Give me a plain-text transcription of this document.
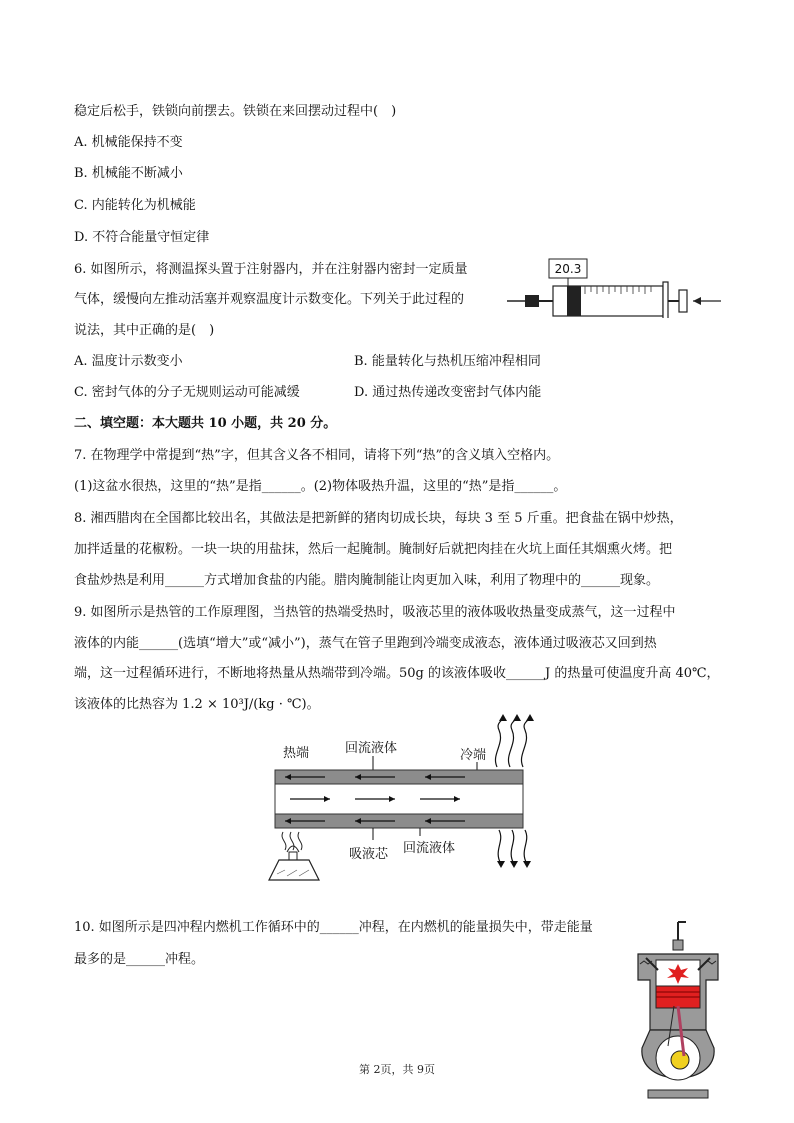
稳定后松手，铁锁向前摆去。铁锁在来回摆动过程中(　)
A. 机械能保持不变
B. 机械能不断减小
C. 内能转化为机械能
D. 不符合能量守恒定律
6. 如图所示，将测温探头置于注射器内，并在注射器内密封一定质量
气体，缓慢向左推动活塞并观察温度计示数变化。下列关于此过程的
说法，其中正确的是(　)
20.3
A. 温度计示数变小	B. 能量转化与热机压缩冲程相同
C. 密封气体的分子无规则运动可能减缓	D. 通过热传递改变密封气体内能
二、填空题：本大题共 10 小题，共 20 分。
7. 在物理学中常提到“热”字，但其含义各不相同，请将下列“热”的含义填入空格内。
(1)这盆水很热，这里的“热”是指______。(2)物体吸热升温，这里的“热”是指______。
8. 湘西腊肉在全国都比较出名，其做法是把新鲜的猪肉切成长块，每块 3 至 5 斤重。把食盐在锅中炒热，
加拌适量的花椒粉。一块一块的用盐抹，然后一起腌制。腌制好后就把肉挂在火坑上面任其烟熏火烤。把
食盐炒热是利用______方式增加食盐的内能。腊肉腌制能让肉更加入味，利用了物理中的______现象。
9. 如图所示是热管的工作原理图，当热管的热端受热时，吸液芯里的液体吸收热量变成蒸气，这一过程中
液体的内能______(选填“增大”或“减小”)，蒸气在管子里跑到冷端变成液态，液体通过吸液芯又回到热
端，这一过程循环进行，不断地将热量从热端带到冷端。50g 的该液体吸收______J 的热量可使温度升高 40℃，
该液体的比热容为 1.2 × 10³J/(kg · ℃)。
热端	回流液体	冷端
吸液芯 回流液体
10. 如图所示是四冲程内燃机工作循环中的______冲程，在内燃机的能量损失中，带走能量
最多的是______冲程。
第 2页，共 9页
